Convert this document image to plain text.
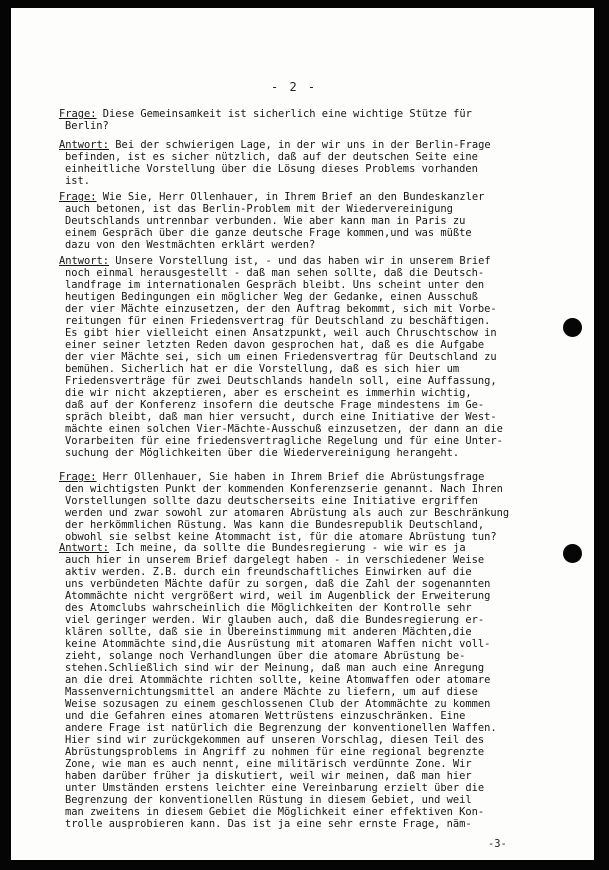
- 2 -
Frage: Diese Gemeinsamkeit ist sicherlich eine wichtige Stütze für
Berlin?
Antwort: Bei der schwierigen Lage, in der wir uns in der Berlin-Frage
befinden, ist es sicher nützlich, daß auf der deutschen Seite eine
einheitliche Vorstellung über die Lösung dieses Problems vorhanden
ist.
Frage: Wie Sie, Herr Ollenhauer, in Ihrem Brief an den Bundeskanzler
auch betonen, ist das Berlin-Problem mit der Wiedervereinigung
Deutschlands untrennbar verbunden. Wie aber kann man in Paris zu
einem Gespräch über die ganze deutsche Frage kommen,und was müßte
dazu von den Westmächten erklärt werden?
Antwort: Unsere Vorstellung ist, - und das haben wir in unserem Brief
noch einmal herausgestellt - daß man sehen sollte, daß die Deutsch-
landfrage im internationalen Gespräch bleibt. Uns scheint unter den
heutigen Bedingungen ein möglicher Weg der Gedanke, einen Ausschuß
der vier Mächte einzusetzen, der den Auftrag bekommt, sich mit Vorbe-
reitungen für einen Friedensvertrag für Deutschland zu beschäftigen.
Es gibt hier vielleicht einen Ansatzpunkt, weil auch Chruschtschow in
einer seiner letzten Reden davon gesprochen hat, daß es die Aufgabe
der vier Mächte sei, sich um einen Friedensvertrag für Deutschland zu
bemühen. Sicherlich hat er die Vorstellung, daß es sich hier um
Friedensverträge für zwei Deutschlands handeln soll, eine Auffassung,
die wir nicht akzeptieren, aber es erscheint es immerhin wichtig,
daß auf der Konferenz insofern die deutsche Frage mindestens im Ge-
spräch bleibt, daß man hier versucht, durch eine Initiative der West-
mächte einen solchen Vier-Mächte-Ausschuß einzusetzen, der dann an die
Vorarbeiten für eine friedensvertragliche Regelung und für eine Unter-
suchung der Möglichkeiten über die Wiedervereinigung herangeht.
Frage: Herr Ollenhauer, Sie haben in Ihrem Brief die Abrüstungsfrage
den wichtigsten Punkt der kommenden Konferenzserie genannt. Nach Ihren
Vorstellungen sollte dazu deutscherseits eine Initiative ergriffen
werden und zwar sowohl zur atomaren Abrüstung als auch zur Beschränkung
der herkömmlichen Rüstung. Was kann die Bundesrepublik Deutschland,
obwohl sie selbst keine Atommacht ist, für die atomare Abrüstung tun?
Antwort: Ich meine, da sollte die Bundesregierung - wie wir es ja
auch hier in unserem Brief dargelegt haben - in verschiedener Weise
aktiv werden. Z.B. durch ein freundschaftliches Einwirken auf die
uns verbündeten Mächte dafür zu sorgen, daß die Zahl der sogenannten
Atommächte nicht vergrößert wird, weil im Augenblick der Erweiterung
des Atomclubs wahrscheinlich die Möglichkeiten der Kontrolle sehr
viel geringer werden. Wir glauben auch, daß die Bundesregierung er-
klären sollte, daß sie in Übereinstimmung mit anderen Mächten,die
keine Atommächte sind,die Ausrüstung mit atomaren Waffen nicht voll-
zieht, solange noch Verhandlungen über die atomare Abrüstung be-
stehen.Schließlich sind wir der Meinung, daß man auch eine Anregung
an die drei Atommächte richten sollte, keine Atomwaffen oder atomare
Massenvernichtungsmittel an andere Mächte zu liefern, um auf diese
Weise sozusagen zu einem geschlossenen Club der Atommächte zu kommen
und die Gefahren eines atomaren Wettrüstens einzuschränken. Eine
andere Frage ist natürlich die Begrenzung der konventionellen Waffen.
Hier sind wir zurückgekommen auf unseren Vorschlag, diesen Teil des
Abrüstungsproblems in Angriff zu nohmen für eine regional begrenzte
Zone, wie man es auch nennt, eine militärisch verdünnte Zone. Wir
haben darüber früher ja diskutiert, weil wir meinen, daß man hier
unter Umständen erstens leichter eine Vereinbarung erzielt über die
Begrenzung der konventionellen Rüstung in diesem Gebiet, und weil
man zweitens in diesem Gebiet die Möglichkeit einer effektiven Kon-
trolle ausprobieren kann. Das ist ja eine sehr ernste Frage, näm-
-3-
